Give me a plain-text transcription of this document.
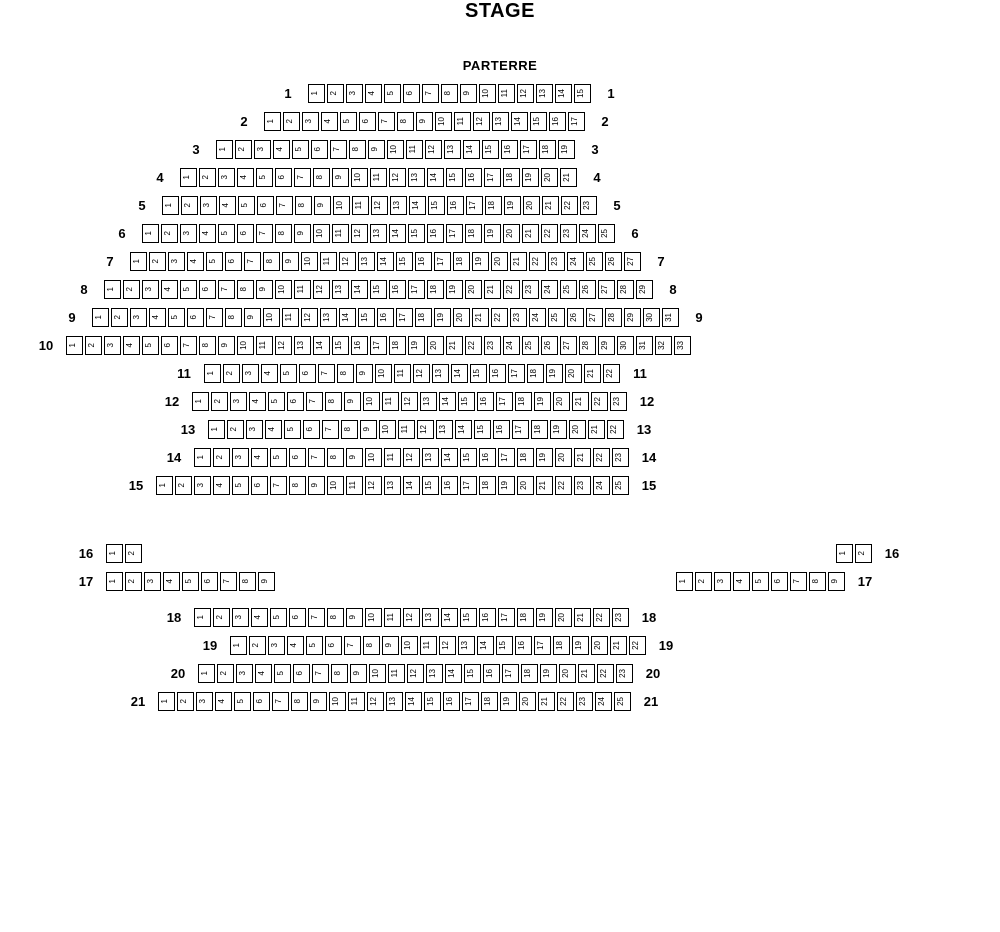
STAGE
PARTERRE
1	1	2	3	4	5	6	7	8	9	10	11	12	13	14	15	1
2	1	2	3	4	5	6	7	8	9	10	11	12	13	14	15	16	17	2
3	1	2	3	4	5	6	7	8	9	10	11	12	13	14	15	16	17	18	19	3
4	1	2	3	4	5	6	7	8	9	10	11	12	13	14	15	16	17	18	19	20	21	4
5	1	2	3	4	5	6	7	8	9	10	11	12	13	14	15	16	17	18	19	20	21	22	23	5
6	1	2	3	4	5	6	7	8	9	10	11	12	13	14	15	16	17	18	19	20	21	22	23	24	25	6
7	1	2	3	4	5	6	7	8	9	10	11	12	13	14	15	16	17	18	19	20	21	22	23	24	25	26	27	7
8	1	2	3	4	5	6	7	8	9	10	11	12	13	14	15	16	17	18	19	20	21	22	23	24	25	26	27	28	29	8
9	1	2	3	4	5	6	7	8	9	10	11	12	13	14	15	16	17	18	19	20	21	22	23	24	25	26	27	28	29	30	31	9
10	1	2	3	4	5	6	7	8	9	10	11	12	13	14	15	16	17	18	19	20	21	22	23	24	25	26	27	28	29	30	31	32	33
11	1	2	3	4	5	6	7	8	9	10	11	12	13	14	15	16	17	18	19	20	21	22	11
12	1	2	3	4	5	6	7	8	9	10	11	12	13	14	15	16	17	18	19	20	21	22	23	12
13	1	2	3	4	5	6	7	8	9	10	11	12	13	14	15	16	17	18	19	20	21	22	13
14	1	2	3	4	5	6	7	8	9	10	11	12	13	14	15	16	17	18	19	20	21	22	23	14
15	1	2	3	4	5	6	7	8	9	10	11	12	13	14	15	16	17	18	19	20	21	22	23	24	25	15
16	1	2	1	2	16
17	1	2	3	4	5	6	7	8	9	1	2	3	4	5	6	7	8	9	17
18	1	2	3	4	5	6	7	8	9	10	11	12	13	14	15	16	17	18	19	20	21	22	23	18
19	1	2	3	4	5	6	7	8	9	10	11	12	13	14	15	16	17	18	19	20	21	22	19
20	1	2	3	4	5	6	7	8	9	10	11	12	13	14	15	16	17	18	19	20	21	22	23	20
21	1	2	3	4	5	6	7	8	9	10	11	12	13	14	15	16	17	18	19	20	21	22	23	24	25	21
